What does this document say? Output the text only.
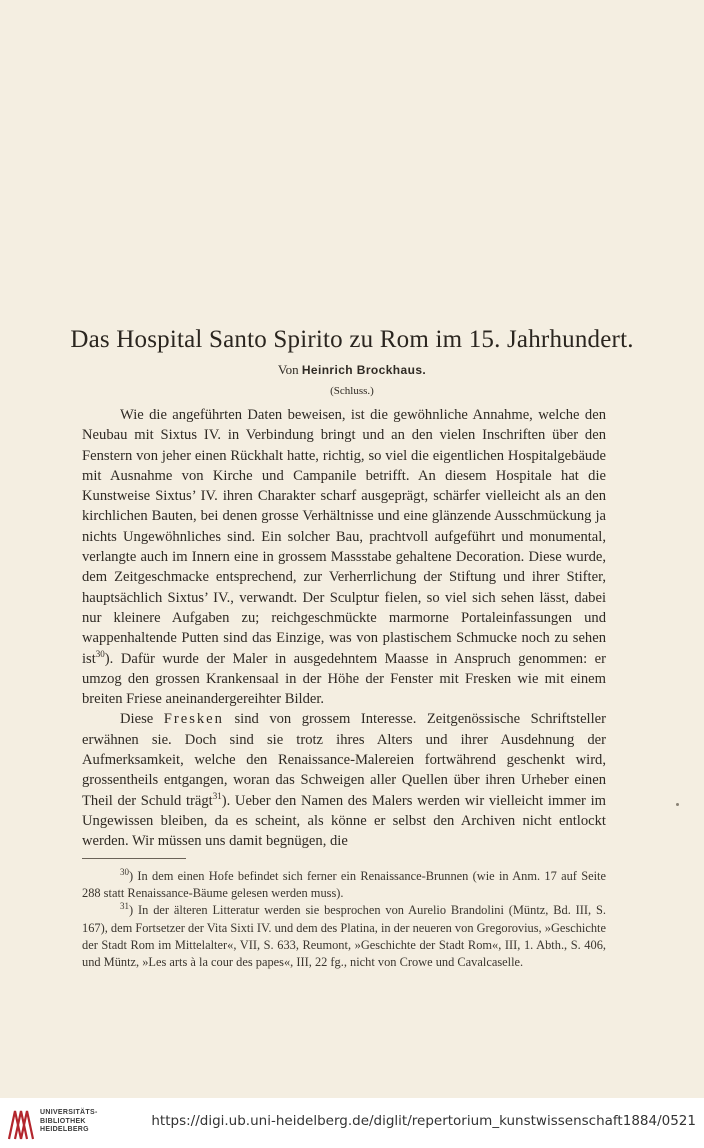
Das Hospital Santo Spirito zu Rom im 15. Jahrhundert.
Von Heinrich Brockhaus.
(Schluss.)

Wie die angeführten Daten beweisen, ist die gewöhnliche Annahme, welche den Neubau mit Sixtus IV. in Verbindung bringt und an den vielen Inschriften über den Fenstern von jeher einen Rückhalt hatte, richtig, so viel die eigentlichen Hospitalgebäude mit Ausnahme von Kirche und Campanile betrifft. An diesem Hospitale hat die Kunstweise Sixtus’ IV. ihren Charakter scharf ausgeprägt, schärfer vielleicht als an den kirchlichen Bauten, bei denen grosse Verhältnisse und eine glänzende Ausschmückung ja nichts Ungewöhnliches sind. Ein solcher Bau, prachtvoll aufgeführt und monumental, verlangte auch im Innern eine in grossem Massstabe gehaltene Decoration. Diese wurde, dem Zeitgeschmacke entsprechend, zur Verherrlichung der Stiftung und ihrer Stifter, hauptsächlich Sixtus’ IV., verwandt. Der Sculptur fielen, so viel sich sehen lässt, dabei nur kleinere Aufgaben zu; reichgeschmückte marmorne Portaleinfassungen und wappenhaltende Putten sind das Einzige, was von plastischem Schmucke noch zu sehen ist$^{30}$). Dafür wurde der Maler in ausgedehntem Maasse in Anspruch genommen: er umzog den grossen Krankensaal in der Höhe der Fenster mit Fresken wie mit einem breiten Friese aneinandergereihter Bilder.

Diese Fresken sind von grossem Interesse. Zeitgenössische Schriftsteller erwähnen sie. Doch sind sie trotz ihres Alters und ihrer Ausdehnung der Aufmerksamkeit, welche den Renaissance-Malereien fortwährend geschenkt wird, grossentheils entgangen, woran das Schweigen aller Quellen über ihren Urheber einen Theil der Schuld trägt$^{31}$). Ueber den Namen des Malers werden wir vielleicht immer im Ungewissen bleiben, da es scheint, als könne er selbst den Archiven nicht entlockt werden. Wir müssen uns damit begnügen, die

$^{30}$) In dem einen Hofe befindet sich ferner ein Renaissance-Brunnen (wie in Anm. 17 auf Seite 288 statt Renaissance-Bäume gelesen werden muss).

$^{31}$) In der älteren Litteratur werden sie besprochen von Aurelio Brandolini (Müntz, Bd. III, S. 167), dem Fortsetzer der Vita Sixti IV. und dem des Platina, in der neueren von Gregorovius, »Geschichte der Stadt Rom im Mittelalter«, VII, S. 633, Reumont, »Geschichte der Stadt Rom«, III, 1. Abth., S. 406, und Müntz, »Les arts à la cour des papes«, III, 22 fg., nicht von Crowe und Cavalcaselle.

UNIVERSITÄTS-
BIBLIOTHEK
HEIDELBERG
https://digi.ub.uni-heidelberg.de/diglit/repertorium_kunstwissenschaft1884/0521
